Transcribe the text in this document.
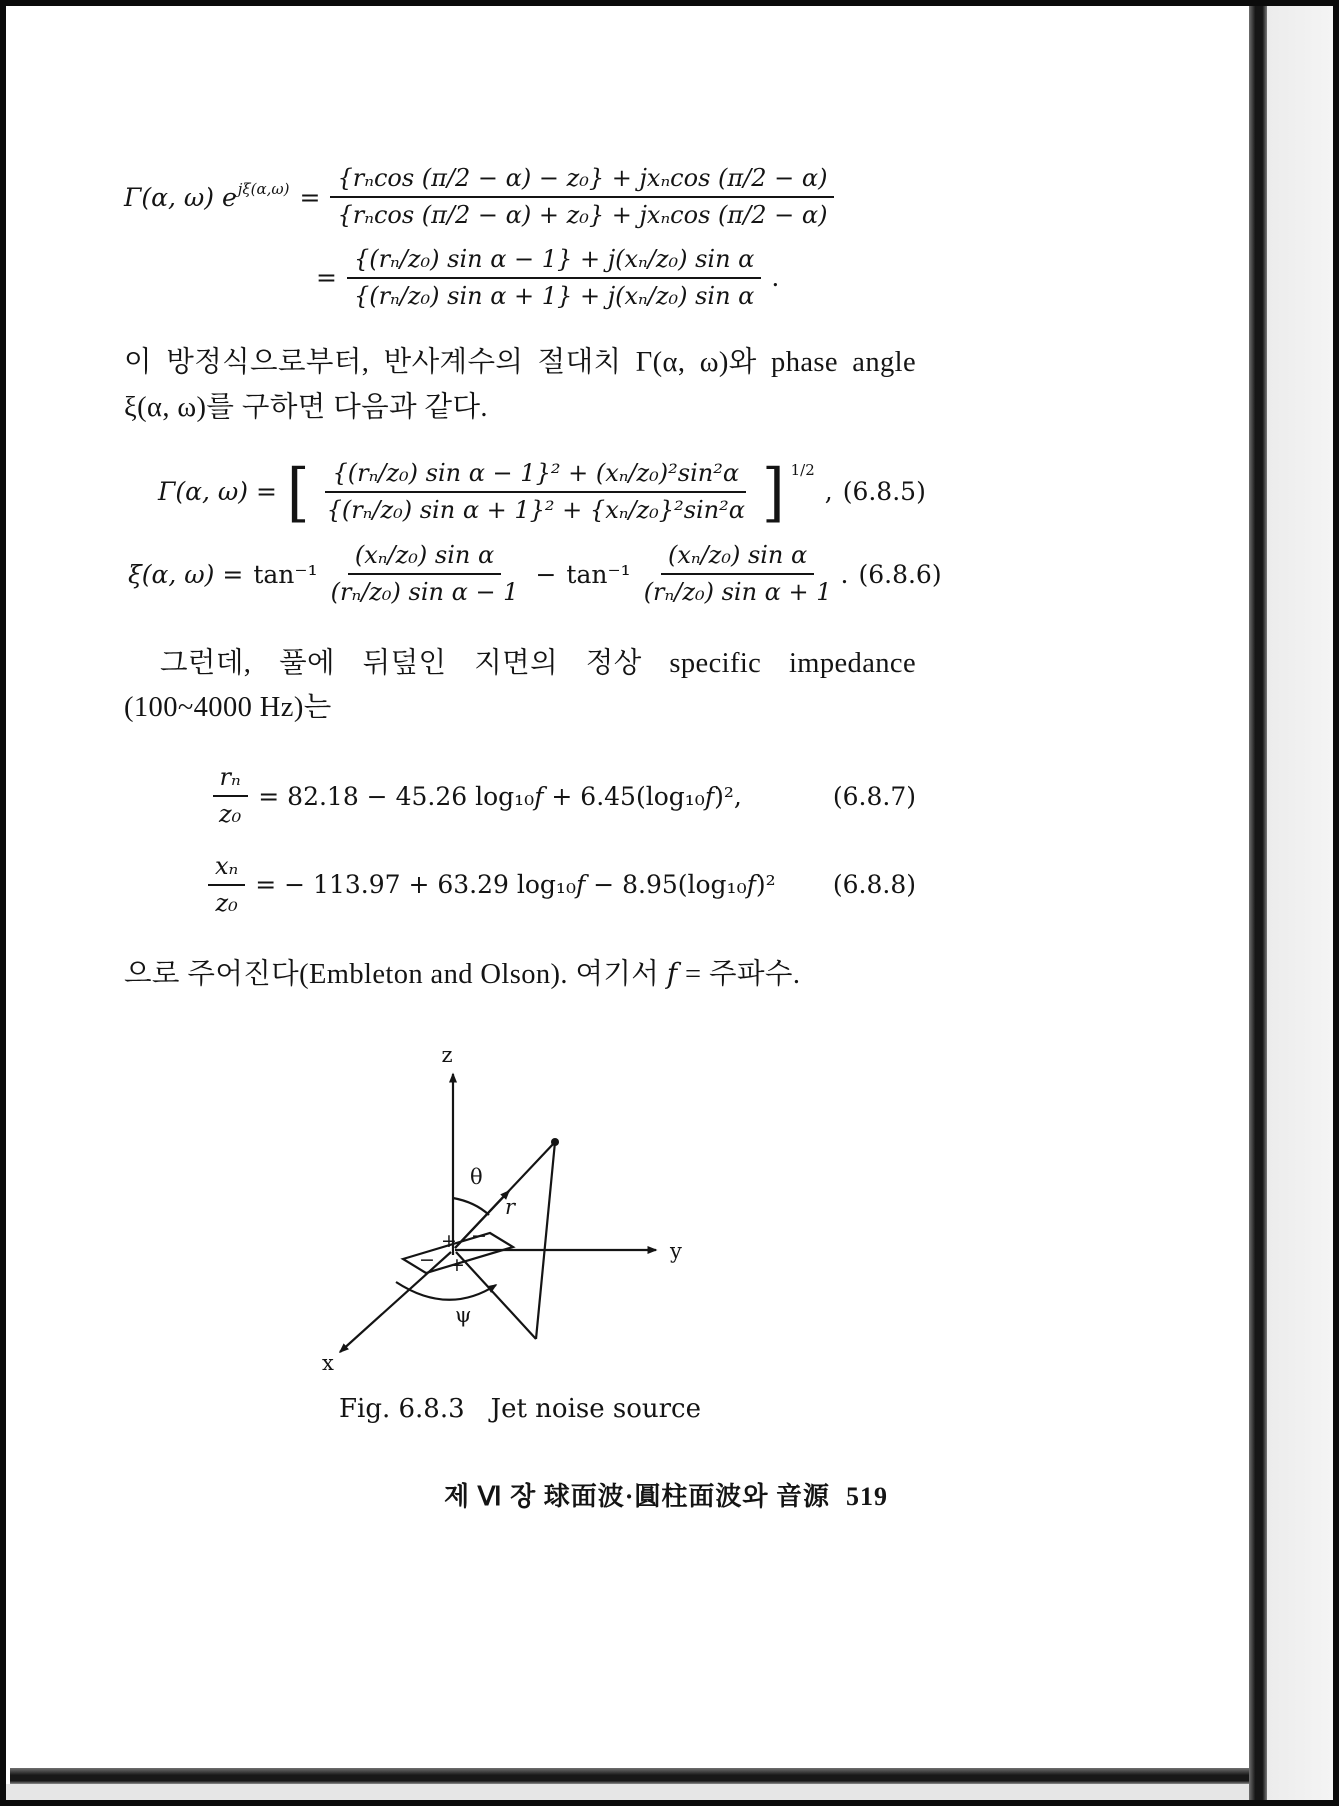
Γ(α, ω) $ej\xi(\alpha,\omega) = \frac{\text{\{rₙcos (π/2 − α) − z₀\} + jxₙcos (π/2 − α)}}{\text{\{rₙcos (π/2 − α) + z₀\} + jxₙcos (π/2 − α)}}$
= $\frac{\text{\{(rₙ/z₀) sin α − 1\} + j(xₙ/z₀) sin α}}{\text{\{(rₙ/z₀) sin α + 1\} + j(xₙ/z₀) sin α}}$ .

이 방정식으로부터, 반사계수의 절대치 Γ(α, ω)와 phase angle ξ(α, ω)를 구하면 다음과 같다.

Γ(α, ω) = [ $\frac{\text{\{(rₙ/z₀) sin α − 1\}² + (xₙ/z₀)²sin²α}}{\text{\{(rₙ/z₀) sin α + 1\}² + \{xₙ/z₀\}²sin²α}}$ ] 1/2
, (6.8.5)
ξ(α, $\omega) = \tan^{-1} \frac{\text{(xₙ/z₀) sin α}}{\text{(rₙ/z₀) sin α − 1}} - \tan^{-1} \frac{\text{(xₙ/z₀) sin α}}{\text{(rₙ/z₀) sin α + 1}}$ . (6.8.6)

그런데, 풀에 뒤덮인 지면의 정상 specific impedance (100~4000 Hz)는

$\frac{\text{rₙ}}{\text{z₀}} = 82.18 - 45.26$ log₁₀f + 6.45(log₁₀f)²,	(6.8.7)
$\frac{\text{xₙ}}{\text{z₀}}$ = − 113.97 + 63.29 log₁₀f − 8.95(log₁₀f)² (6.8.8)

으로 주어진다(Embleton and Olson). 여기서 f = 주파수.

+ −
− +
z
y
x
r
θ
ψ
Fig. 6.8.3 Jet noise source
제 Ⅵ 장 球面波·圓柱面波와 音源 519
